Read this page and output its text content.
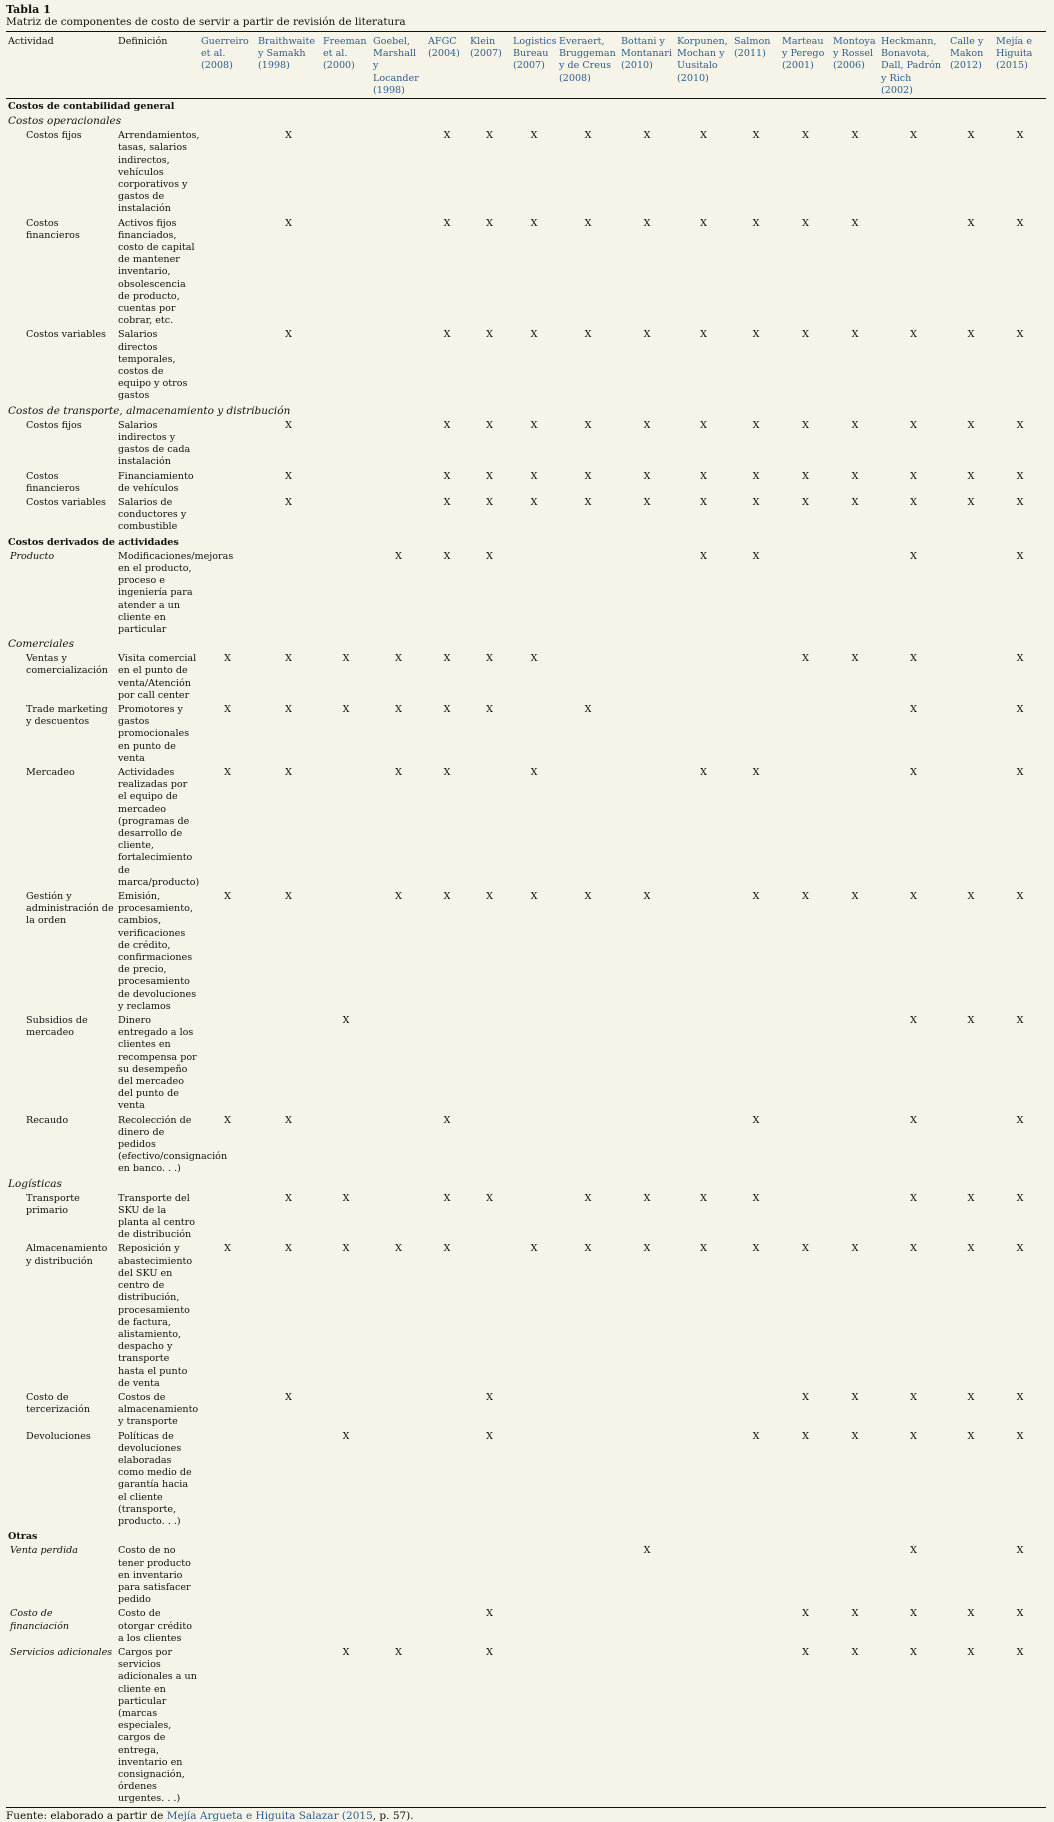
Tabla 1
Matriz de componentes de costo de servir a partir de revisión de literatura
Actividad	Definición	Guerreiro et al. (2008)	Braithwaite y Samakh (1998)	Freeman et al. (2000)	Goebel, Marshall y Locander (1998)	AFGC (2004)	Klein (2007)	Logistics Bureau (2007)	Everaert, Bruggeman y de Creus (2008)	Bottani y Montanari (2010)	Korpunen, Mochan y Uusitalo (2010)	Salmon (2011)	Marteau y Perego (2001)	Montoya y Rossel (2006)	Heckmann, Bonavota, Dall, Padrón y Rich (2002)	Calle y Makon (2012)	Mejía e Higuita (2015)
Costos de contabilidad general																	
Costos operacionales																	
Costos fijos	Arrendamientos, tasas, salarios indirectos, vehículos corporativos y gastos de instalación		X			X	X	X	X	X	X	X	X	X	X	X	X
Costos financieros	Activos fijos financiados, costo de capital de mantener inventario, obsolescencia de producto, cuentas por cobrar, etc.		X			X	X	X	X	X	X	X	X	X		X	X
Costos variables	Salarios directos temporales, costos de equipo y otros gastos		X			X	X	X	X	X	X	X	X	X	X	X	X
Costos de transporte, almacenamiento y distribución																	
Costos fijos	Salarios indirectos y gastos de cada instalación		X			X	X	X	X	X	X	X	X	X	X	X	X
Costos financieros	Financiamiento de vehículos		X			X	X	X	X	X	X	X	X	X	X	X	X
Costos variables	Salarios de conductores y combustible		X			X	X	X	X	X	X	X	X	X	X	X	X
Costos derivados de actividades																	
Producto	Modificaciones/mejoras en el producto, proceso e ingeniería para atender a un cliente en particular				X	X	X				X	X			X		X
Comerciales																	
Ventas y comercialización	Visita comercial en el punto de venta/Atención por call center	X	X	X	X	X	X	X					X	X	X		X
Trade marketing y descuentos	Promotores y gastos promocionales en punto de venta	X	X	X	X	X	X		X						X		X
Mercadeo	Actividades realizadas por el equipo de mercadeo (programas de desarrollo de cliente, fortalecimiento de marca/producto)	X	X		X	X		X			X	X			X		X
Gestión y administración de la orden	Emisión, procesamiento, cambios, verificaciones de crédito, confirmaciones de precio, procesamiento de devoluciones y reclamos	X	X		X	X	X	X	X	X		X	X	X	X	X	X
Subsidios de mercadeo	Dinero entregado a los clientes en recompensa por su desempeño del mercadeo del punto de venta			X											X	X	X
Recaudo	Recolección de dinero de pedidos (efectivo/consignación en banco. . .)	X	X			X						X			X		X
Logísticas																	
Transporte primario	Transporte del SKU de la planta al centro de distribución		X	X		X	X		X	X	X	X			X	X	X
Almacenamiento y distribución	Reposición y abastecimiento del SKU en centro de distribución, procesamiento de factura, alistamiento, despacho y transporte hasta el punto de venta	X	X	X	X	X		X	X	X	X	X	X	X	X	X	X
Costo de tercerización	Costos de almacenamiento y transporte		X				X						X	X	X	X	X
Devoluciones	Políticas de devoluciones elaboradas como medio de garantía hacia el cliente (transporte, producto. . .)			X			X					X	X	X	X	X	X
Otras																	
Venta perdida	Costo de no tener producto en inventario para satisfacer pedido									X					X		X
Costo de financiación	Costo de otorgar crédito a los clientes						X						X	X	X	X	X
Servicios adicionales	Cargos por servicios adicionales a un cliente en particular (marcas especiales, cargos de entrega, inventario en consignación, órdenes urgentes. . .)			X	X		X						X	X	X	X	X

Fuente: elaborado a partir de Mejía Argueta e Higuita Salazar (2015, p. 57).
